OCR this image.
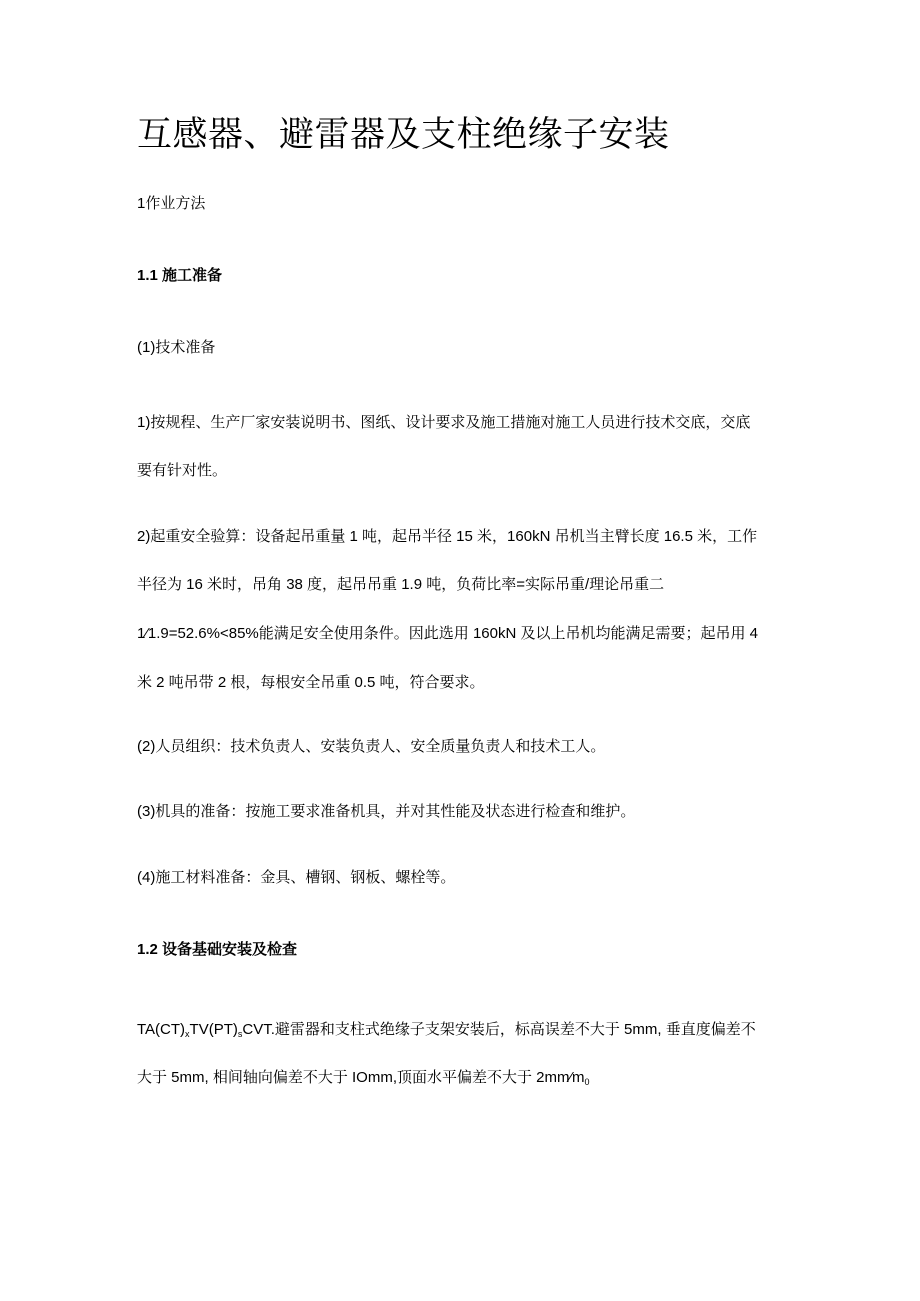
互感器、避雷器及支柱绝缘子安装
1作业方法
1.1 施工准备
(1)技术准备
1)按规程、生产厂家安装说明书、图纸、设计要求及施工措施对施工人员进行技术交底，交底
要有针对性。
2)起重安全验算：设备起吊重量 1 吨，起吊半径 15 米，160kN 吊机当主臂长度 16.5 米，工作
半径为 16 米时，吊角 38 度，起吊吊重 1.9 吨，负荷比率=实际吊重/理论吊重二
1⁄1.9=52.6%<85%能满足安全使用条件。因此选用 160kN 及以上吊机均能满足需要；起吊用 4
米 2 吨吊带 2 根，每根安全吊重 0.5 吨，符合要求。
(2)人员组织：技术负责人、安装负责人、安全质量负责人和技术工人。
(3)机具的准备：按施工要求准备机具，并对其性能及状态进行检查和维护。
(4)施工材料准备：金具、槽钢、钢板、螺栓等。
1.2 设备基础安装及检查
$TA(CT)_xTV(PT)_sCVT$.避雷器和支柱式绝缘子支架安装后，标高误差不大于 5mm, 垂直度偏差不
大于 5mm, 相间轴向偏差不大于 IOmm,顶面水平偏差不大于 $2mm⁄m_0$
